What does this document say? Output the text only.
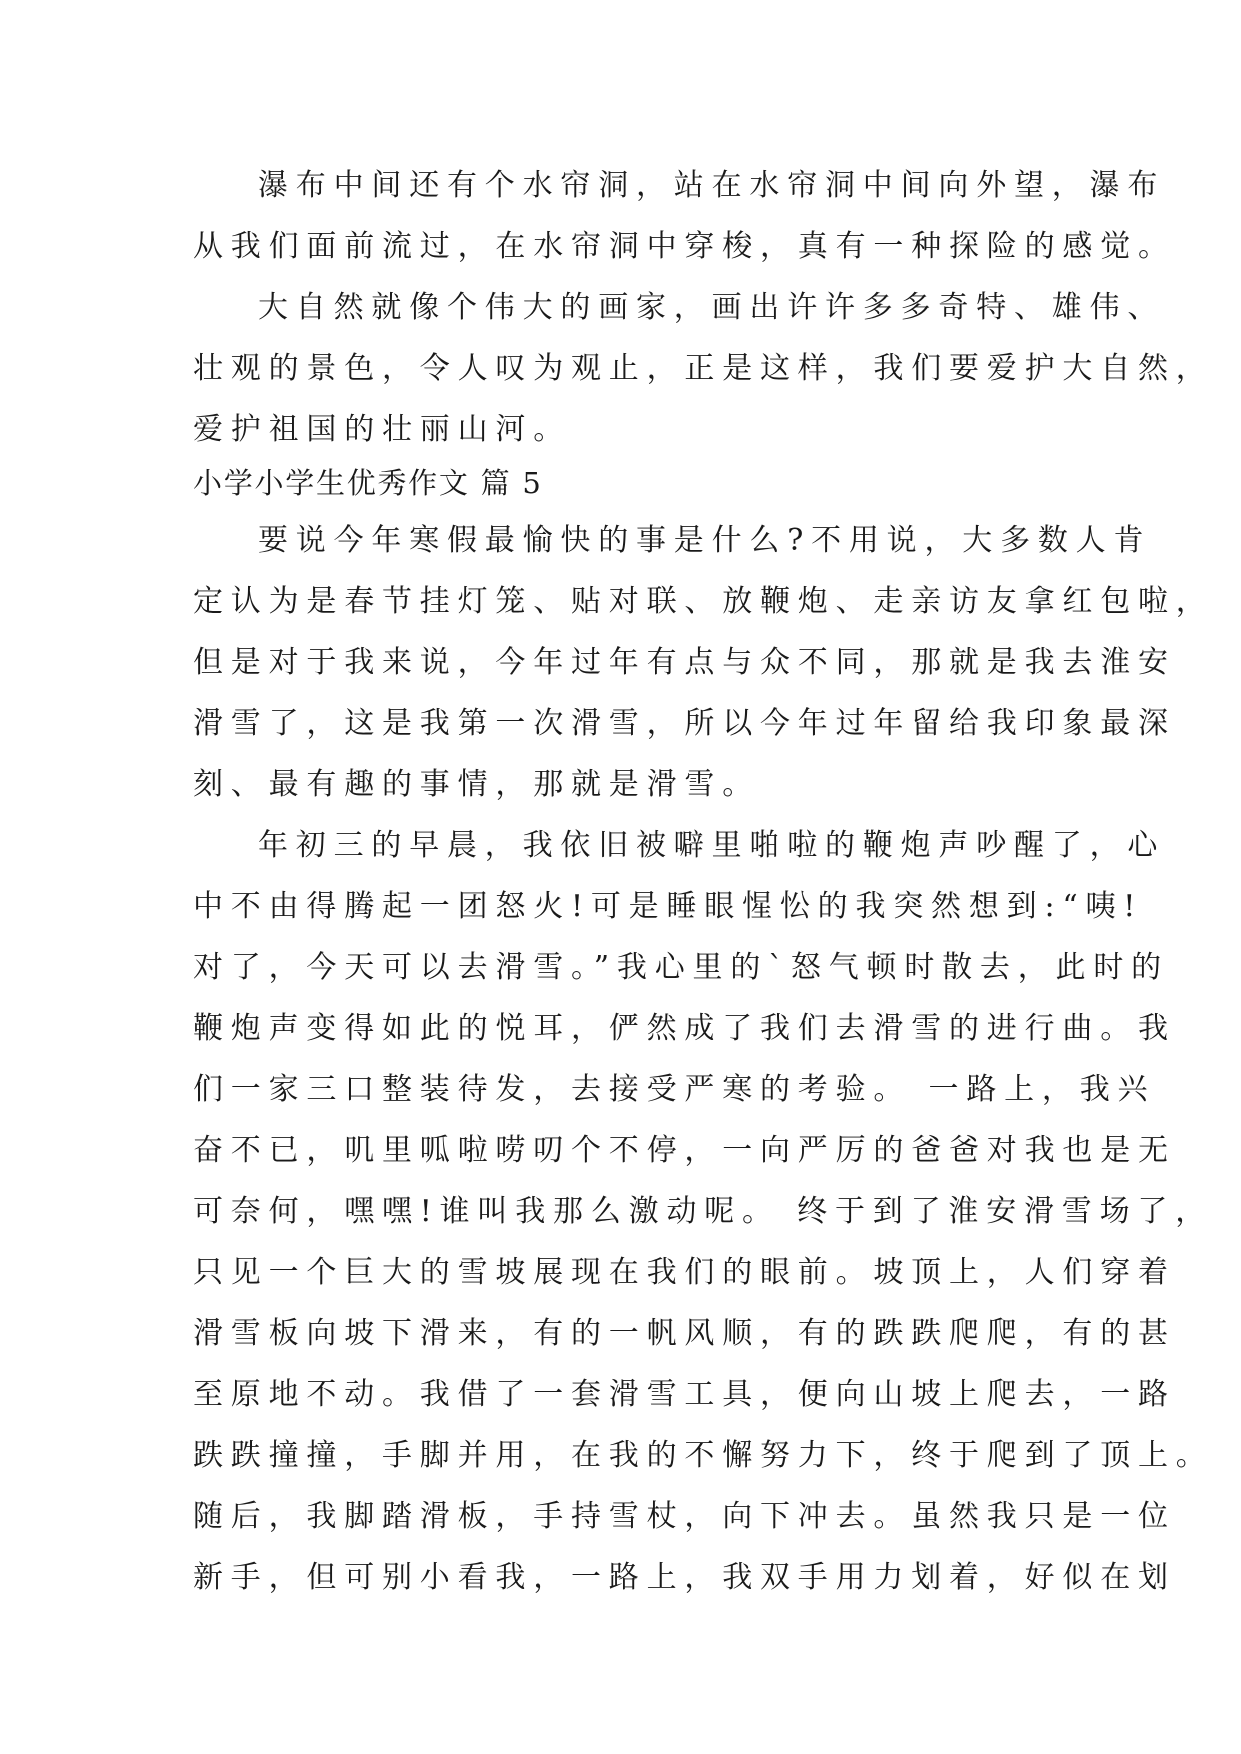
瀑布中间还有个水帘洞，站在水帘洞中间向外望，瀑布
从我们面前流过，在水帘洞中穿梭，真有一种探险的感觉。
大自然就像个伟大的画家，画出许许多多奇特、雄伟、
壮观的景色，令人叹为观止，正是这样，我们要爱护大自然，
爱护祖国的壮丽山河。
小学小学生优秀作文 篇 5
要说今年寒假最愉快的事是什么?不用说，大多数人肯
定认为是春节挂灯笼、贴对联、放鞭炮、走亲访友拿红包啦，
但是对于我来说，今年过年有点与众不同，那就是我去淮安
滑雪了，这是我第一次滑雪，所以今年过年留给我印象最深
刻、最有趣的事情，那就是滑雪。
年初三的早晨，我依旧被噼里啪啦的鞭炮声吵醒了，心
中不由得腾起一团怒火!可是睡眼惺忪的我突然想到:“咦!
对了，今天可以去滑雪。”我心里的`怒气顿时散去，此时的
鞭炮声变得如此的悦耳，俨然成了我们去滑雪的进行曲。我
们一家三口整装待发，去接受严寒的考验。 一路上，我兴
奋不已，叽里呱啦唠叨个不停，一向严厉的爸爸对我也是无
可奈何，嘿嘿!谁叫我那么激动呢。 终于到了淮安滑雪场了，
只见一个巨大的雪坡展现在我们的眼前。坡顶上，人们穿着
滑雪板向坡下滑来，有的一帆风顺，有的跌跌爬爬，有的甚
至原地不动。我借了一套滑雪工具，便向山坡上爬去，一路
跌跌撞撞，手脚并用，在我的不懈努力下，终于爬到了顶上。
随后，我脚踏滑板，手持雪杖，向下冲去。虽然我只是一位
新手，但可别小看我，一路上，我双手用力划着，好似在划
